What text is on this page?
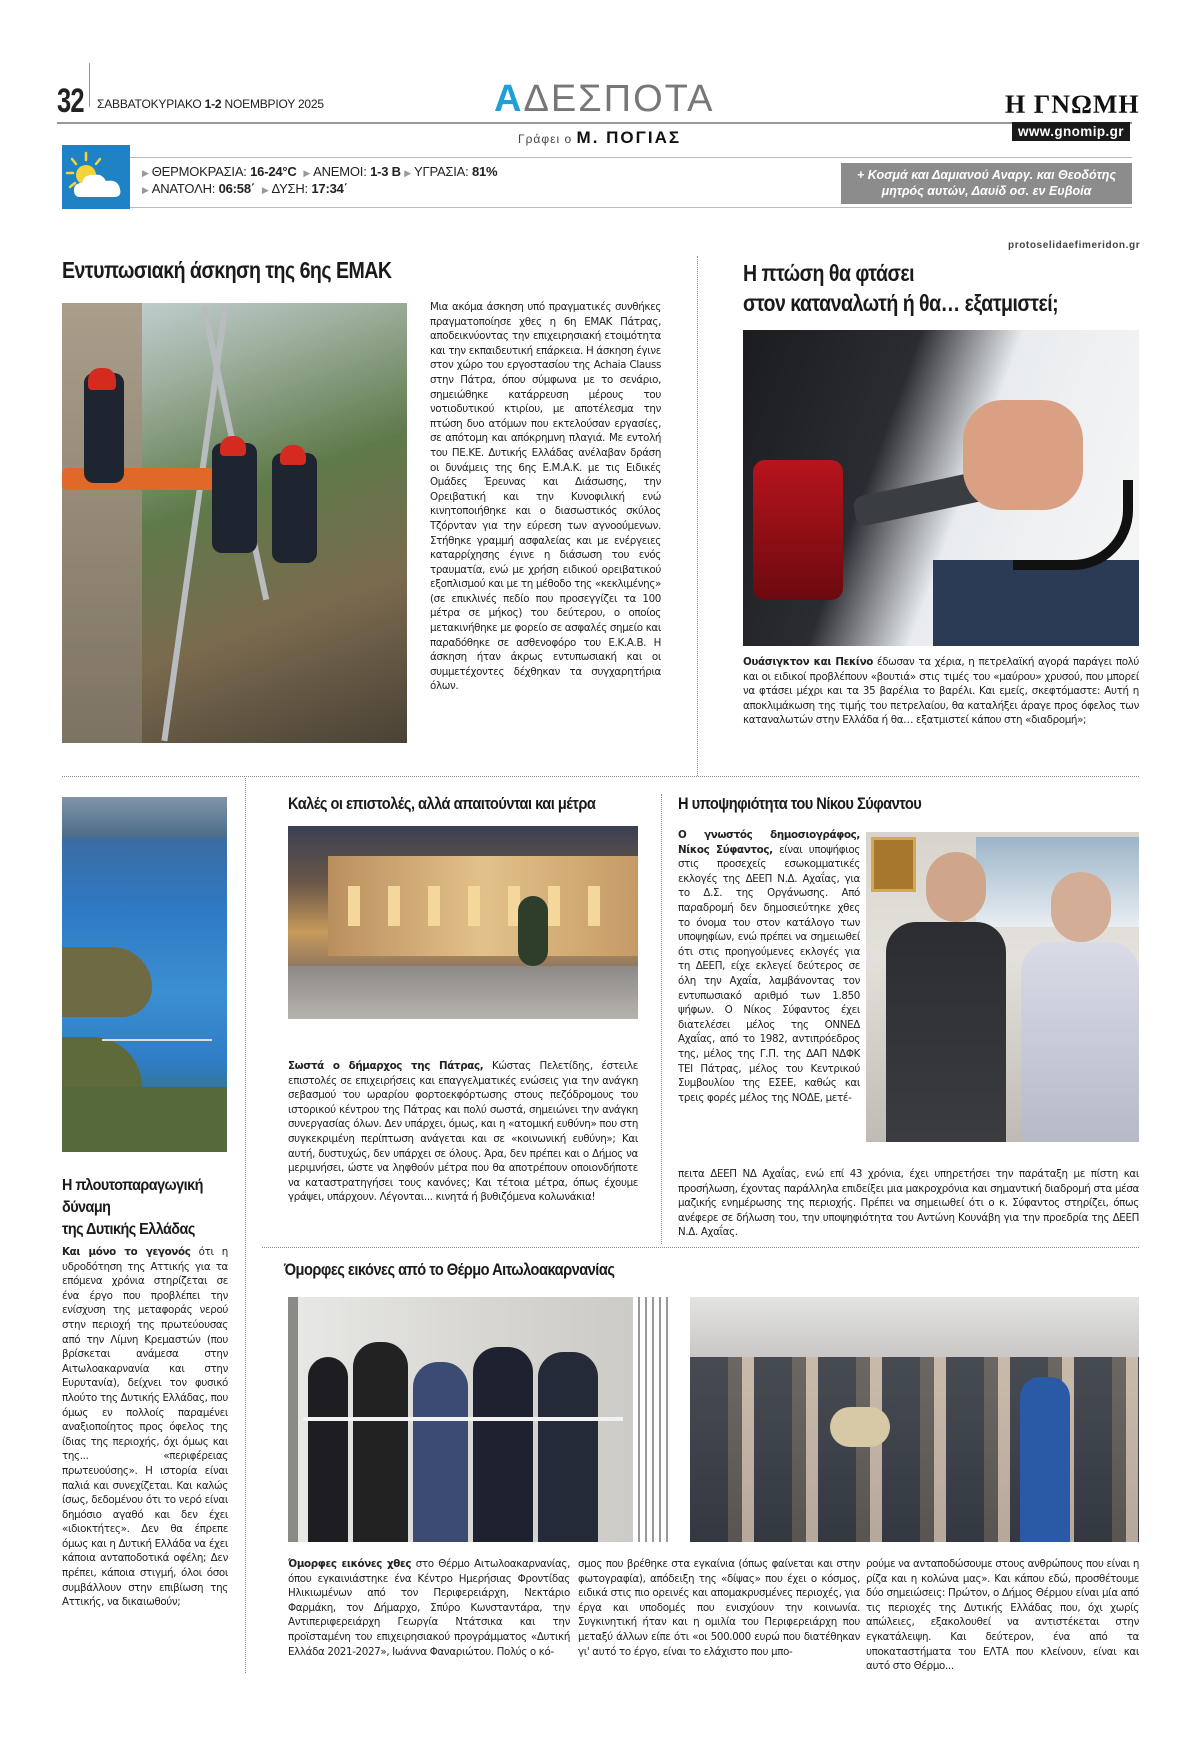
32 ΣΑΒΒΑΤΟΚΥΡΙΑΚΟ 1-2 ΝΟΕΜΒΡΙΟΥ 2025	ΑΔΕΣΠΟΤΑ
Γράφει ο Μ. ΠΟΓΙΑΣ
Η ΓΝΩΜΗ
www.gnomip.gr
▶ ΘΕΡΜΟΚΡΑΣΙΑ: 16-24°C ▶ ΑΝΕΜΟΙ: 1-3 Β ▶ ΥΓΡΑΣΙΑ: 81%
▶ ΑΝΑΤΟΛΗ: 06:58΄ ▶ ΔΥΣΗ: 17:34΄
+ Κοσμά και Δαμιανού Αναργ. και Θεοδότης
μητρός αυτών, Δαυίδ οσ. εν Ευβοία
protoselidaefimeridon.gr
Εντυπωσιακή άσκηση της 6ης ΕΜΑΚ
Μια ακόμα άσκηση υπό πραγματικές συνθήκες πραγματοποίησε χθες η 6η ΕΜΑΚ Πάτρας, αποδεικνύοντας την επιχειρησιακή ετοιμότητα και την εκπαιδευτική επάρκεια. Η άσκηση έγινε στον χώρο του εργοστασίου της Achaia Clauss στην Πάτρα, όπου σύμφωνα με το σενάριο, σημειώθηκε κατάρρευση μέρους του νοτιοδυτικού κτιρίου, με αποτέλεσμα την πτώση δυο ατόμων που εκτελούσαν εργασίες, σε απότομη και απόκρημνη πλαγιά. Με εντολή του ΠΕ.ΚΕ. Δυτικής Ελλάδας ανέλαβαν δράση οι δυνάμεις της 6ης Ε.Μ.Α.Κ. με τις Ειδικές Ομάδες Έρευνας και Διάσωσης, την Ορειβατική και την Κυνοφιλική ενώ κινητοποιήθηκε και ο διασωστικός σκύλος Τζόρνταν για την εύρεση των αγνοούμενων. Στήθηκε γραμμή ασφαλείας και με ενέργειες καταρρίχησης έγινε η διάσωση του ενός τραυματία, ενώ με χρήση ειδικού ορειβατικού εξοπλισμού και με τη μέθοδο της «κεκλιμένης» (σε επικλινές πεδίο που προσεγγίζει τα 100 μέτρα σε μήκος) του δεύτερου, ο οποίος μετακινήθηκε με φορείο σε ασφαλές σημείο και παραδόθηκε σε ασθενοφόρο του Ε.Κ.Α.Β. Η άσκηση ήταν άκρως εντυπωσιακή και οι συμμετέχοντες δέχθηκαν τα συγχαρητήρια όλων.
Η πτώση θα φτάσει
στον καταναλωτή ή θα… εξατμιστεί;
Ουάσιγκτον και Πεκίνο έδωσαν τα χέρια, η πετρελαϊκή αγορά παράγει πολύ και οι ειδικοί προβλέπουν «βουτιά» στις τιμές του «μαύρου» χρυσού, που μπορεί να φτάσει μέχρι και τα 35 βαρέλια το βαρέλι. Και εμείς, σκεφτόμαστε: Αυτή η αποκλιμάκωση της τιμής του πετρελαίου, θα καταλήξει άραγε προς όφελος των καταναλωτών στην Ελλάδα ή θα… εξατμιστεί κάπου στη «διαδρομή»;
Η πλουτοπαραγωγική
δύναμη
της Δυτικής Ελλάδας
Και μόνο το γεγονός ότι η υδροδότηση της Αττικής για τα επόμενα χρόνια στηρίζεται σε ένα έργο που προβλέπει την ενίσχυση της μεταφοράς νερού στην περιοχή της πρωτεύουσας από την Λίμνη Κρεμαστών (που βρίσκεται ανάμεσα στην Αιτωλοακαρνανία και στην Ευρυτανία), δείχνει τον φυσικό πλούτο της Δυτικής Ελλάδας, που όμως εν πολλοίς παραμένει αναξιοποίητος προς όφελος της ίδιας της περιοχής, όχι όμως και της... «περιφέρειας πρωτευούσης». Η ιστορία είναι παλιά και συνεχίζεται. Και καλώς ίσως, δεδομένου ότι το νερό είναι δημόσιο αγαθό και δεν έχει «ιδιοκτήτες». Δεν θα έπρεπε όμως και η Δυτική Ελλάδα να έχει κάποια ανταποδοτικά οφέλη; Δεν πρέπει, κάποια στιγμή, όλοι όσοι συμβάλλουν στην επιβίωση της Αττικής, να δικαιωθούν;
Καλές οι επιστολές, αλλά απαιτούνται και μέτρα
Σωστά ο δήμαρχος της Πάτρας, Κώστας Πελετίδης, έστειλε επιστολές σε επιχειρήσεις και επαγγελματικές ενώσεις για την ανάγκη σεβασμού του ωραρίου φορτοεκφόρτωσης στους πεζόδρομους του ιστορικού κέντρου της Πάτρας και πολύ σωστά, σημειώνει την ανάγκη συνεργασίας όλων. Δεν υπάρχει, όμως, και η «ατομική ευθύνη» που στη συγκεκριμένη περίπτωση ανάγεται και σε «κοινωνική ευθύνη»; Και αυτή, δυστυχώς, δεν υπάρχει σε όλους. Άρα, δεν πρέπει και ο Δήμος να μεριμνήσει, ώστε να ληφθούν μέτρα που θα αποτρέπουν οποιονδήποτε να καταστρατηγήσει τους κανόνες; Και τέτοια μέτρα, όπως έχουμε γράψει, υπάρχουν. Λέγονται... κινητά ή βυθιζόμενα κολωνάκια!
Η υποψηφιότητα του Νίκου Σύφαντου
Ο γνωστός δημοσιογράφος, Νίκος Σύφαντος, είναι υποψήφιος στις προσεχείς εσωκομματικές εκλογές της ΔΕΕΠ Ν.Δ. Αχαΐας, για το Δ.Σ. της Οργάνωσης. Από παραδρομή δεν δημοσιεύτηκε χθες το όνομα του στον κατάλογο των υποψηφίων, ενώ πρέπει να σημειωθεί ότι στις προηγούμενες εκλογές για τη ΔΕΕΠ, είχε εκλεγεί δεύτερος σε όλη την Αχαΐα, λαμβάνοντας τον εντυπωσιακό αριθμό των 1.850 ψήφων. Ο Νίκος Σύφαντος έχει διατελέσει μέλος της ΟΝΝΕΔ Αχαΐας, από το 1982, αντιπρόεδρος της, μέλος της Γ.Π. της ΔΑΠ ΝΔΦΚ ΤΕΙ Πάτρας, μέλος του Κεντρικού Συμβουλίου της ΕΣΕΕ, καθώς και τρεις φορές μέλος της ΝΟΔΕ, μετέ-
πειτα ΔΕΕΠ ΝΔ Αχαΐας, ενώ επί 43 χρόνια, έχει υπηρετήσει την παράταξη με πίστη και προσήλωση, έχοντας παράλληλα επιδείξει μια μακροχρόνια και σημαντική διαδρομή στα μέσα μαζικής ενημέρωσης της περιοχής. Πρέπει να σημειωθεί ότι ο κ. Σύφαντος στηρίζει, όπως ανέφερε σε δήλωση του, την υποψηφιότητα του Αντώνη Κουνάβη για την προεδρία της ΔΕΕΠ Ν.Δ. Αχαΐας.
Όμορφες εικόνες από το Θέρμο Αιτωλοακαρνανίας
Όμορφες εικόνες χθες στο Θέρμο Αιτωλοακαρνανίας, όπου εγκαινιάστηκε ένα Κέντρο Ημερήσιας Φροντίδας Ηλικιωμένων από τον Περιφερειάρχη, Νεκτάριο Φαρμάκη, τον Δήμαρχο, Σπύρο Κωνσταντάρα, την Αντιπεριφερειάρχη Γεωργία Ντάτσικα και την προϊσταμένη του επιχειρησιακού προγράμματος «Δυτική Ελλάδα 2021-2027», Ιωάννα Φαναριώτου. Πολύς ο κό-
σμος που βρέθηκε στα εγκαίνια (όπως φαίνεται και στην φωτογραφία), απόδειξη της «δίψας» που έχει ο κόσμος, ειδικά στις πιο ορεινές και απομακρυσμένες περιοχές, για έργα και υποδομές που ενισχύουν την κοινωνία. Συγκινητική ήταν και η ομιλία του Περιφερειάρχη που μεταξύ άλλων είπε ότι «οι 500.000 ευρώ που διατέθηκαν γι' αυτό το έργο, είναι το ελάχιστο που μπο-
ρούμε να ανταποδώσουμε στους ανθρώπους που είναι η ρίζα και η κολώνα μας». Και κάπου εδώ, προσθέτουμε δύο σημειώσεις: Πρώτον, ο Δήμος Θέρμου είναι μία από τις περιοχές της Δυτικής Ελλάδας που, όχι χωρίς απώλειες, εξακολουθεί να αντιστέκεται στην εγκατάλειψη. Και δεύτερον, ένα από τα υποκαταστήματα του ΕΛΤΑ που κλείνουν, είναι και αυτό στο Θέρμο...
